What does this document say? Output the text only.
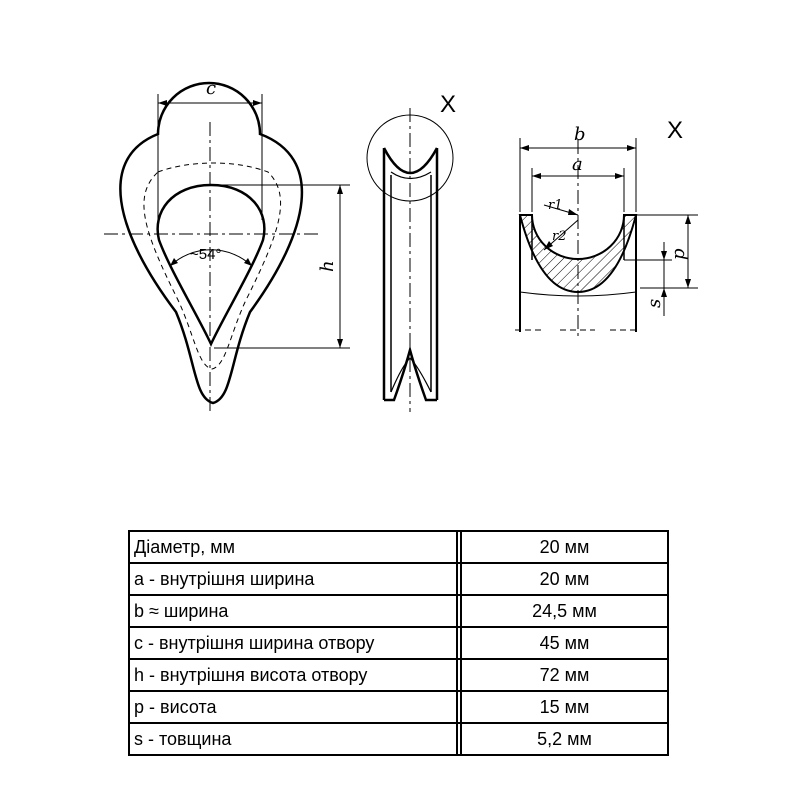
c
h
~54°
X
X
b
a
r1
r2
p
s
Діаметр, мм		20 мм
a - внутрішня ширина		20 мм
b ≈ ширина		24,5 мм
c - внутрішня ширина отвору		45 мм
h - внутрішня висота отвору		72 мм
p - висота		15 мм
s - товщина		5,2 мм
